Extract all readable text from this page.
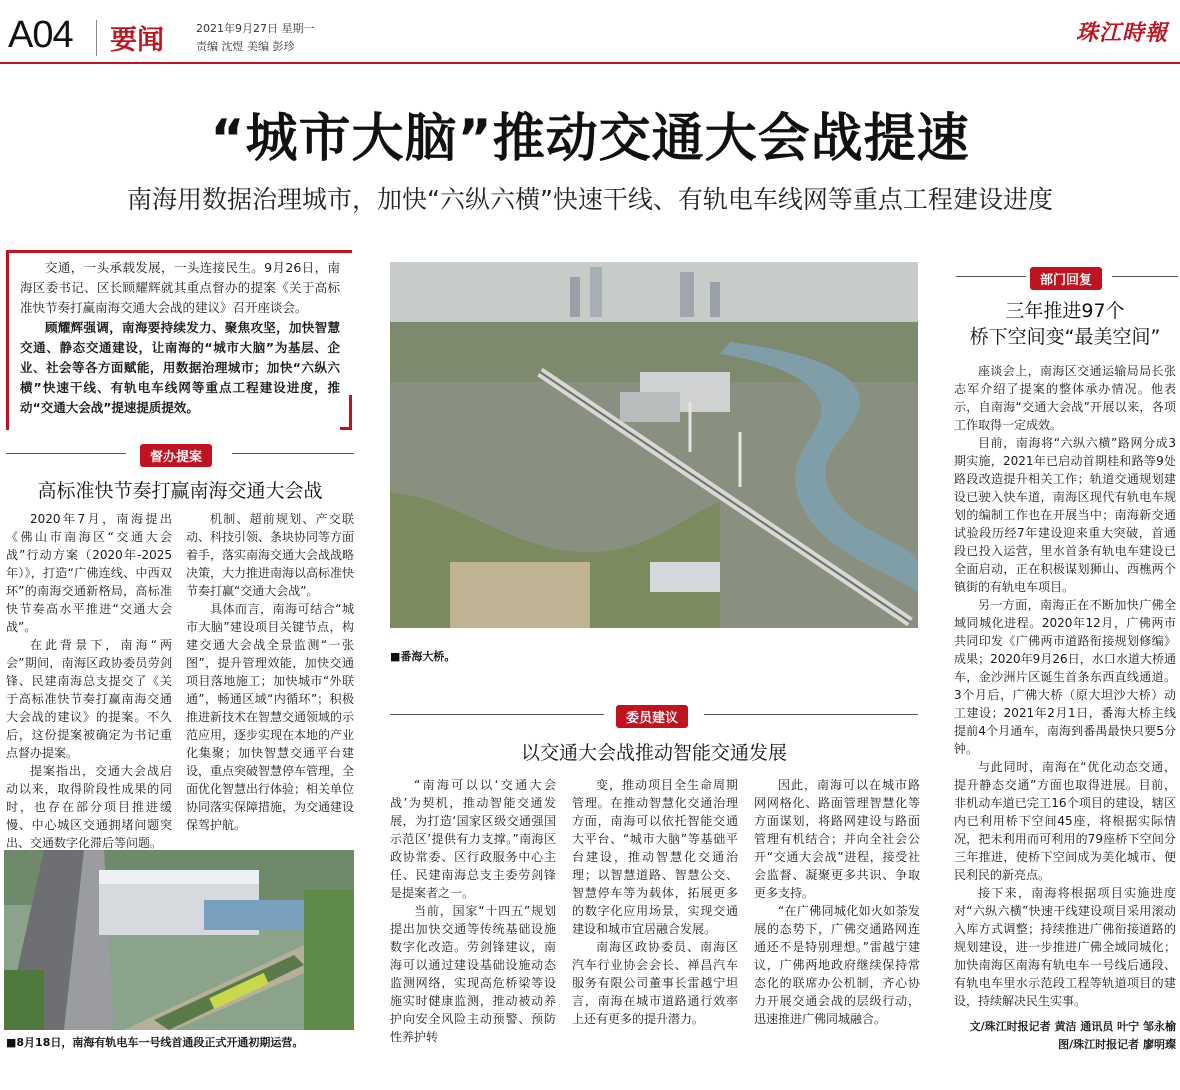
A04 要闻	2021年9月27日 星期一
责编 沈煜 美编 彭珍
珠江時報
“城市大脑”推动交通大会战提速
南海用数据治理城市，加快“六纵六横”快速干线、有轨电车线网等重点工程建设进度

交通，一头承载发展，一头连接民生。9月26日，南海区委书记、区长顾耀辉就其重点督办的提案《关于高标准快节奏打赢南海交通大会战的建议》召开座谈会。

顾耀辉强调，南海要持续发力、聚焦攻坚，加快智慧交通、静态交通建设，让南海的“城市大脑”为基层、企业、社会等各方面赋能，用数据治理城市；加快“六纵六横”快速干线、有轨电车线网等重点工程建设进度，推动“交通大会战”提速提质提效。

督办提案
高标准快节奏打赢南海交通大会战

2020年7月，南海提出《佛山市南海区“交通大会战”行动方案（2020年-2025年）》，打造“广佛连线、中西双环”的南海交通新格局，高标准快节奏高水平推进“交通大会战”。

在此背景下，南海“两会”期间，南海区政协委员劳剑锋、民建南海总支提交了《关于高标准快节奏打赢南海交通大会战的建议》的提案。不久后，这份提案被确定为书记重点督办提案。

提案指出，交通大会战启动以来，取得阶段性成果的同时，也存在部分项目推进缓慢、中心城区交通拥堵问题突出、交通数字化滞后等问题。

机制、超前规划、产交联动、科技引领、条块协同等方面着手，落实南海交通大会战战略决策，大力推进南海以高标准快节奏打赢“交通大会战”。

具体而言，南海可结合“城市大脑”建设项目关键节点，构建交通大会战全景监测“一张图”，提升管理效能，加快交通项目落地施工；加快城市“外联通”，畅通区域“内循环”；积极推进新技术在智慧交通领域的示范应用，逐步实现在本地的产业化集聚；加快智慧交通平台建设，重点突破智慧停车管理，全面优化智慧出行体验；相关单位协同落实保障措施，为交通建设保驾护航。

■8月18日，南海有轨电车一号线首通段正式开通初期运营。
■番海大桥。
委员建议
以交通大会战推动智能交通发展

“南海可以以‘交通大会战’为契机，推动智能交通发展，为打造‘国家区级交通强国示范区’提供有力支撑。”南海区政协常委、区行政服务中心主任、民建南海总支主委劳剑锋是提案者之一。

当前，国家“十四五”规划提出加快交通等传统基础设施数字化改造。劳剑锋建议，南海可以通过建设基础设施动态监测网络，实现高危桥梁等设施实时健康监测，推动被动养护向安全风险主动预警、预防性养护转

变，推动项目全生命周期管理。在推动智慧化交通治理方面，南海可以依托智能交通大平台、“城市大脑”等基础平台建设，推动智慧化交通治理；以智慧道路、智慧公交、智慧停车等为载体，拓展更多的数字化应用场景，实现交通建设和城市宜居融合发展。

南海区政协委员、南海区汽车行业协会会长、禅昌汽车服务有限公司董事长雷越宁坦言，南海在城市道路通行效率上还有更多的提升潜力。

因此，南海可以在城市路网网格化、路面管理智慧化等方面谋划，将路网建设与路面管理有机结合；并向全社会公开“交通大会战”进程，接受社会监督、凝聚更多共识、争取更多支持。

“在广佛同城化如火如荼发展的态势下，广佛交通路网连通还不是特别理想。”雷越宁建议，广佛两地政府继续保持常态化的联席办公机制，齐心协力开展交通会战的层级行动，迅速推进广佛同城融合。

部门回复
三年推进97个
桥下空间变“最美空间”

座谈会上，南海区交通运输局局长张志军介绍了提案的整体承办情况。他表示，自南海“交通大会战”开展以来，各项工作取得一定成效。

目前，南海将“六纵六横”路网分成3期实施，2021年已启动首期桂和路等9处路段改造提升相关工作；轨道交通规划建设已驶入快车道，南海区现代有轨电车规划的编制工作也在开展当中；南海新交通试验段历经7年建设迎来重大突破，首通段已投入运营，里水首条有轨电车建设已全面启动，正在积极谋划狮山、西樵两个镇街的有轨电车项目。

另一方面，南海正在不断加快广佛全域同城化进程。2020年12月，广佛两市共同印发《广佛两市道路衔接规划修编》成果；2020年9月26日，水口水道大桥通车，金沙洲片区诞生首条东西直线通道。3个月后，广佛大桥（原大坦沙大桥）动工建设；2021年2月1日，番海大桥主线提前4个月通车，南海到番禺最快只要5分钟。

与此同时，南海在“优化动态交通，提升静态交通”方面也取得进展。目前，非机动车道已完工16个项目的建设，辖区内已利用桥下空间45座，将根据实际情况，把未利用而可利用的79座桥下空间分三年推进，使桥下空间成为美化城市、便民利民的新亮点。

接下来，南海将根据项目实施进度对“六纵六横”快速干线建设项目采用滚动入库方式调整；持续推进广佛衔接道路的规划建设，进一步推进广佛全域同城化；加快南海区南海有轨电车一号线后通段、有轨电车里水示范段工程等轨道项目的建设，持续解决民生实事。

文/珠江时报记者 黄洁 通讯员 叶宁 邹永榆
图/珠江时报记者 廖明璨
